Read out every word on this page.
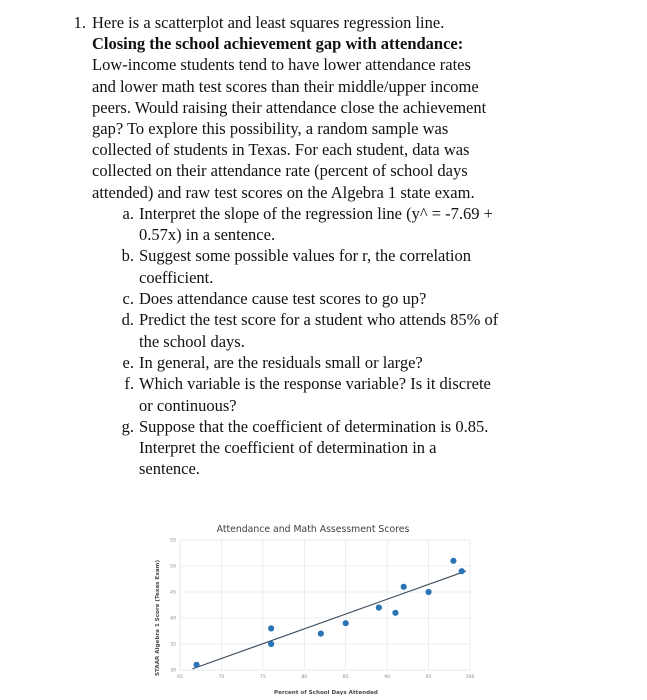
1. Here is a scatterplot and least squares regression line.
Closing the school achievement gap with attendance:
Low-income students tend to have lower attendance rates
and lower math test scores than their middle/upper income
peers. Would raising their attendance close the achievement
gap? To explore this possibility, a random sample was
collected of students in Texas. For each student, data was
collected on their attendance rate (percent of school days
attended) and raw test scores on the Algebra 1 state exam.
a. Interpret the slope of the regression line (y^ = -7.69 +
0.57x) in a sentence.
b. Suggest some possible values for r, the correlation
coefficient.
c. Does attendance cause test scores to go up?
d. Predict the test score for a student who attends 85% of
the school days.
e. In general, are the residuals small or large?
f. Which variable is the response variable? Is it discrete
or continuous?
g. Suppose that the coefficient of determination is 0.85.
Interpret the coefficient of determination in a
sentence.
Attendance and Math Assessment Scores
30
35
40
45
50
55
65	70	75	80	85	90	95	100
Percent of School Days Attended
STAAR Algebra 1 Score (Texas Exam)
